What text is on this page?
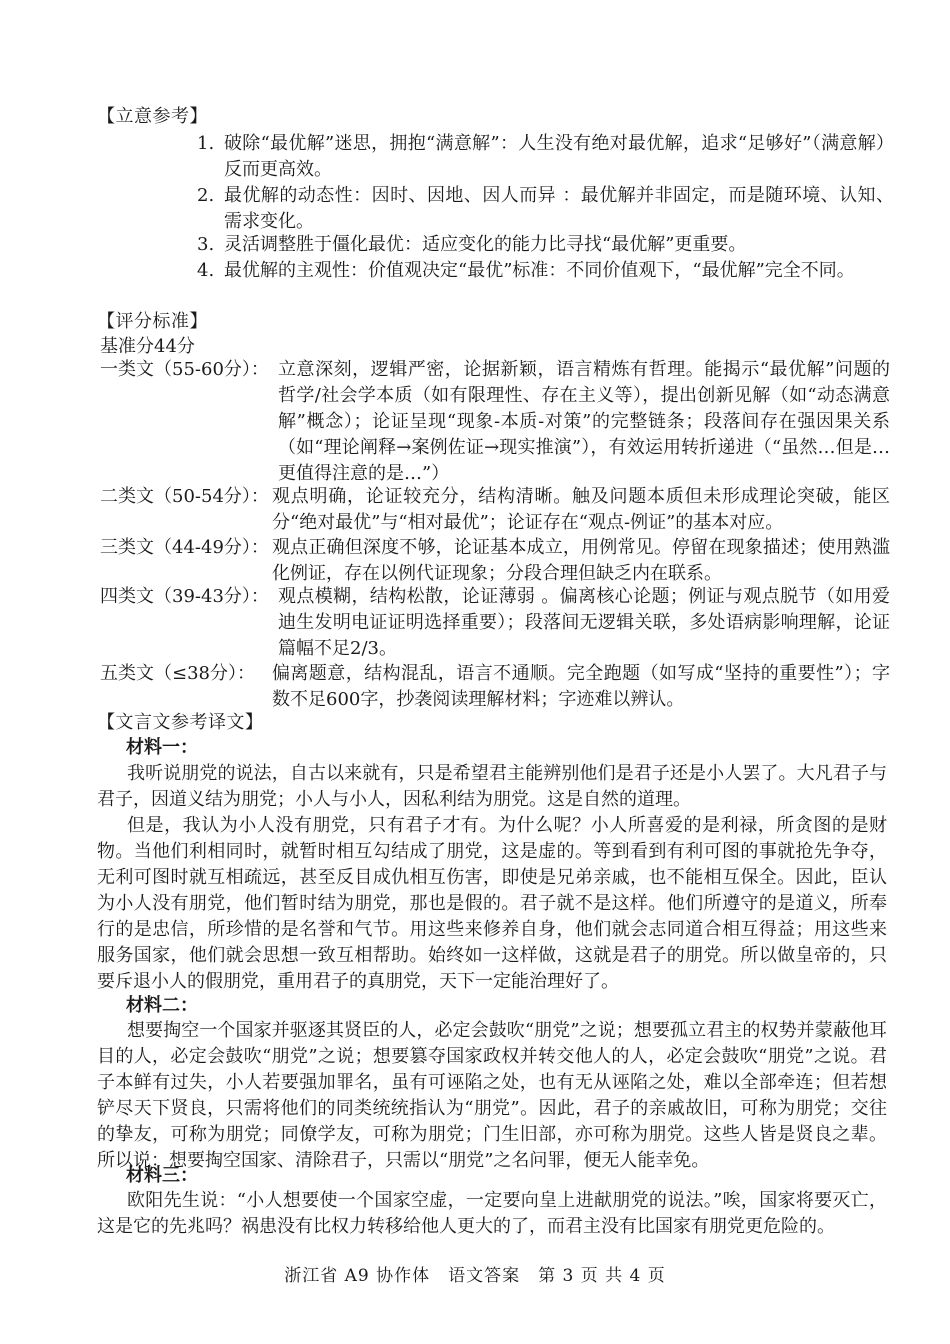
【立意参考】
1. 破除“最优解”迷思，拥抱“满意解”：人生没有绝对最优解，追求“足够好”（满意解）反而更高效。
2. 最优解的动态性：因时、因地、因人而异 ：最优解并非固定，而是随环境、认知、需求变化。
3. 灵活调整胜于僵化最优：适应变化的能力比寻找“最优解”更重要。
4. 最优解的主观性：价值观决定“最优”标准：不同价值观下，“最优解”完全不同。
【评分标准】
基准分44分
一类文（55-60分）： 立意深刻，逻辑严密，论据新颖，语言精炼有哲理。能揭示“最优解”问题的哲学/社会学本质（如有限理性、存在主义等），提出创新见解（如“动态满意解”概念）；论证呈现“现象-本质-对策”的完整链条；段落间存在强因果关系（如“理论阐释→案例佐证→现实推演”），有效运用转折递进（“虽然…但是…更值得注意的是…”）
二类文（50-54分）： 观点明确，论证较充分，结构清晰。触及问题本质但未形成理论突破，能区分“绝对最优”与“相对最优”；论证存在“观点-例证”的基本对应。
三类文（44-49分）： 观点正确但深度不够，论证基本成立，用例常见。停留在现象描述；使用熟滥化例证，存在以例代证现象；分段合理但缺乏内在联系。
四类文（39-43分）： 观点模糊，结构松散，论证薄弱 。偏离核心论题；例证与观点脱节（如用爱迪生发明电证证明选择重要）；段落间无逻辑关联，多处语病影响理解，论证篇幅不足2/3。
五类文（≤38分）： 偏离题意，结构混乱，语言不通顺。完全跑题（如写成“坚持的重要性”）；字数不足600字，抄袭阅读理解材料；字迹难以辨认。
【文言文参考译文】
材料一：
我听说朋党的说法，自古以来就有，只是希望君主能辨别他们是君子还是小人罢了。大凡君子与君子，因道义结为朋党；小人与小人，因私利结为朋党。这是自然的道理。
但是，我认为小人没有朋党，只有君子才有。为什么呢？小人所喜爱的是利禄，所贪图的是财物。当他们利相同时，就暂时相互勾结成了朋党，这是虚的。等到看到有利可图的事就抢先争夺，无利可图时就互相疏远，甚至反目成仇相互伤害，即使是兄弟亲戚，也不能相互保全。因此，臣认为小人没有朋党，他们暂时结为朋党，那也是假的。君子就不是这样。他们所遵守的是道义，所奉行的是忠信，所珍惜的是名誉和气节。用这些来修养自身，他们就会志同道合相互得益；用这些来服务国家，他们就会思想一致互相帮助。始终如一这样做，这就是君子的朋党。所以做皇帝的，只要斥退小人的假朋党，重用君子的真朋党，天下一定能治理好了。
材料二：
想要掏空一个国家并驱逐其贤臣的人，必定会鼓吹“朋党”之说；想要孤立君主的权势并蒙蔽他耳目的人，必定会鼓吹“朋党”之说；想要篡夺国家政权并转交他人的人，必定会鼓吹“朋党”之说。君子本鲜有过失，小人若要强加罪名，虽有可诬陷之处，也有无从诬陷之处，难以全部牵连；但若想铲尽天下贤良，只需将他们的同类统统指认为“朋党”。因此，君子的亲戚故旧，可称为朋党；交往的挚友，可称为朋党；同僚学友，可称为朋党；门生旧部，亦可称为朋党。这些人皆是贤良之辈。所以说：想要掏空国家、清除君子，只需以“朋党”之名问罪，便无人能幸免。
材料三：
欧阳先生说：“小人想要使一个国家空虚，一定要向皇上进献朋党的说法。”唉，国家将要灭亡，这是它的先兆吗？祸患没有比权力转移给他人更大的了，而君主没有比国家有朋党更危险的。
浙江省 A9 协作体　语文答案　第 3 页 共 4 页
